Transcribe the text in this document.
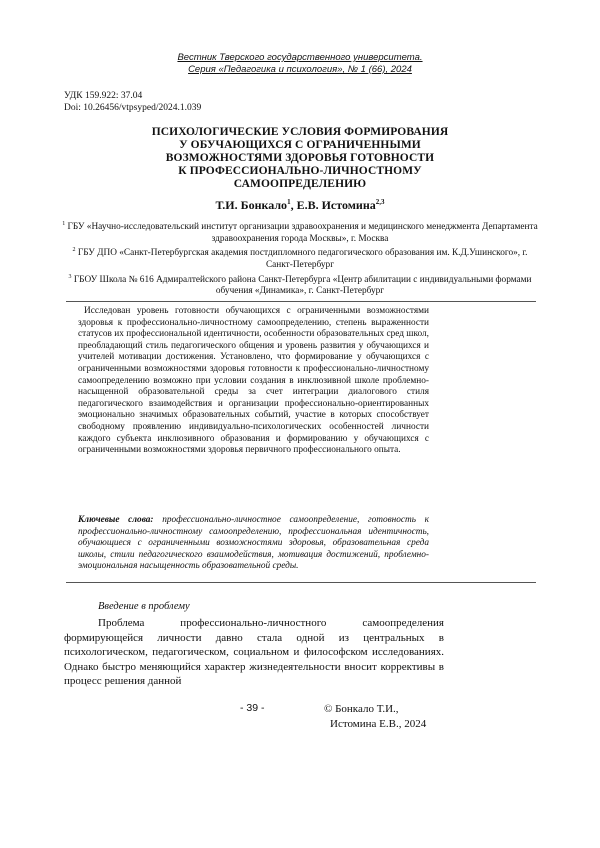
Вестник Тверского государственного университета.
Серия «Педагогика и психология», № 1 (66), 2024
УДК 159.922: 37.04
Doi: 10.26456/vtpsyped/2024.1.039
ПСИХОЛОГИЧЕСКИЕ УСЛОВИЯ ФОРМИРОВАНИЯ
У ОБУЧАЮЩИХСЯ С ОГРАНИЧЕННЫМИ
ВОЗМОЖНОСТЯМИ ЗДОРОВЬЯ ГОТОВНОСТИ
К ПРОФЕССИОНАЛЬНО-ЛИЧНОСТНОМУ
САМООПРЕДЕЛЕНИЮ
Т.И. Бонкало$^1$, Е.В. Истомина$^{2,3}$

$^1$ ГБУ «Научно-исследовательский институт организации здравоохранения и медицинского менеджмента Департамента здравоохранения города Москвы», г. Москва

$^2$ ГБУ ДПО «Санкт-Петербургская академия постдипломного педагогического образования им. К.Д.Ушинского», г. Санкт-Петербург

$^3$ ГБОУ Школа № 616 Адмиралтейского района Санкт-Петербурга «Центр абилитации с индивидуальными формами обучения «Динамика», г. Санкт-Петербург

Исследован уровень готовности обучающихся с ограниченными возможностями здоровья к профессионально-личностному самоопределению, степень выраженности статусов их профессиональной идентичности, особенности образовательных сред школ, преобладающий стиль педагогического общения и уровень развития у обучающихся и учителей мотивации достижения. Установлено, что формирование у обучающихся с ограниченными возможностями здоровья готовности к профессионально-личностному самоопределению возможно при условии создания в инклюзивной школе проблемно-насыщенной образовательной среды за счет интеграции диалогового стиля педагогического взаимодействия и организации профессионально-ориентированных эмоционально значимых образовательных событий, участие в которых способствует свободному проявлению индивидуально-психологических особенностей личности каждого субъекта инклюзивного образования и формированию у обучающихся с ограниченными возможностями здоровья первичного профессионального опыта.

Ключевые слова: профессионально-личностное самоопределение, готовность к профессионально-личностному самоопределению, профессиональная идентичность, обучающиеся с ограниченными возможностями здоровья, образовательная среда школы, стили педагогического взаимодействия, мотивация достижений, проблемно-эмоциональная насыщенность образовательной среды.
Введение в проблему
Проблема профессионально-личностного самоопределения формирующейся личности давно стала одной из центральных в психологическом, педагогическом, социальном и философском исследованиях. Однако быстро меняющийся характер жизнедеятельности вносит коррективы в процесс решения данной
- 39 -	© Бонкало Т.И.,
Истомина Е.В., 2024
